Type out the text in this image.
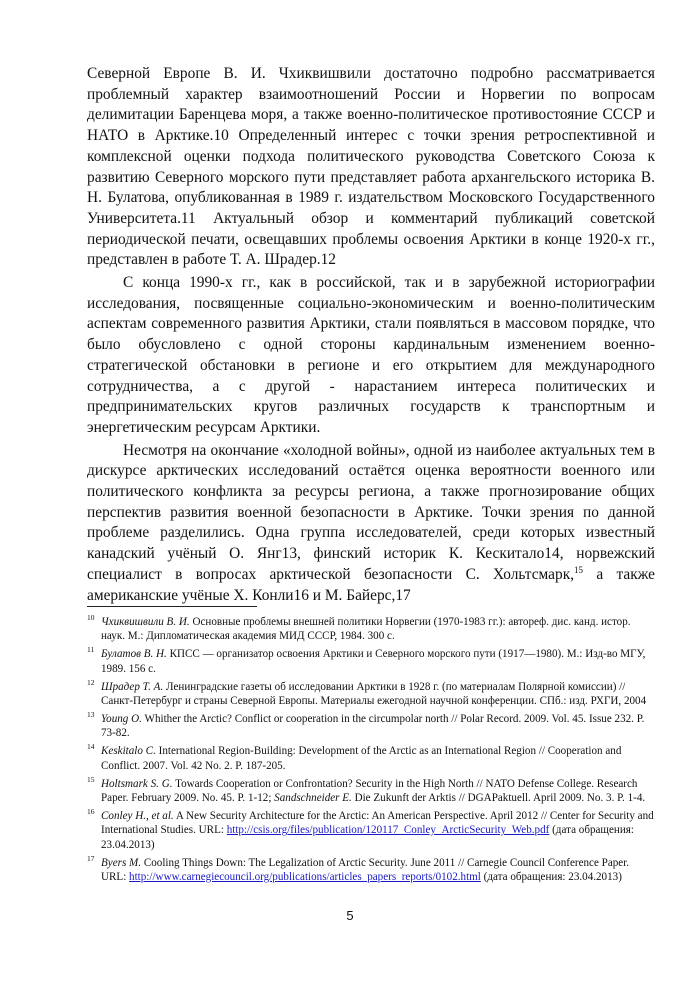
Северной Европе В. И. Чхиквишвили достаточно подробно рассматривается проблемный характер взаимоотношений России и Норвегии по вопросам делимитации Баренцева моря, а также военно-политическое противостояние СССР и НАТО в Арктике.10 Определенный интерес с точки зрения ретроспективной и комплексной оценки подхода политического руководства Советского Союза к развитию Северного морского пути представляет работа архангельского историка В. Н. Булатова, опубликованная в 1989 г. издательством Московского Государственного Университета.11 Актуальный обзор и комментарий публикаций советской периодической печати, освещавших проблемы освоения Арктики в конце 1920-х гг., представлен в работе Т. А. Шрадер.12

С конца 1990-х гг., как в российской, так и в зарубежной историографии исследования, посвященные социально-экономическим и военно-политическим аспектам современного развития Арктики, стали появляться в массовом порядке, что было обусловлено с одной стороны кардинальным изменением военно-стратегической обстановки в регионе и его открытием для международного сотрудничества, а с другой - нарастанием интереса политических и предпринимательских кругов различных государств к транспортным и энергетическим ресурсам Арктики.

Несмотря на окончание «холодной войны», одной из наиболее актуальных тем в дискурсе арктических исследований остаётся оценка вероятности военного или политического конфликта за ресурсы региона, а также прогнозирование общих перспектив развития военной безопасности в Арктике. Точки зрения по данной проблеме разделились. Одна группа исследователей, среди которых известный канадский учёный О. Янг13, финский историк К. Кескитало14, норвежский специалист в вопросах арктической безопасности С. Хольтсмарк,$^{15}$ а также американские учёные Х. Конли16 и М. Байерс,17

10 Чхиквишвили В. И. Основные проблемы внешней политики Норвегии (1970-1983 гг.): автореф. дис. канд. истор. наук. М.: Дипломатическая академия МИД СССР, 1984. 300 с.
11 Булатов В. Н. КПСС — организатор освоения Арктики и Северного морского пути (1917—1980). М.: Изд-во МГУ, 1989. 156 с.
12 Шрадер Т. А. Ленинградские газеты об исследовании Арктики в 1928 г. (по материалам Полярной комиссии) // Санкт-Петербург и страны Северной Европы. Материалы ежегодной научной конференции. СПб.: изд. РХГИ, 2004
13 Young O. Whither the Arctic? Conflict or cooperation in the circumpolar north // Polar Record. 2009. Vol. 45. Issue 232. P. 73-82.
14 Keskitalo C. International Region-Building: Development of the Arctic as an International Region // Cooperation and Conflict. 2007. Vol. 42 No. 2. P. 187-205.
15 Holtsmark S. G. Towards Cooperation or Confrontation? Security in the High North // NATO Defense College. Research Paper. February 2009. No. 45. P. 1-12; Sandschneider E. Die Zukunft der Arktis // DGAPaktuell. April 2009. No. 3. P. 1-4.
16 Conley H., et al. A New Security Architecture for the Arctic: An American Perspective. April 2012 // Center for Security and International Studies. URL: http://csis.org/files/publication/120117_Conley_ArcticSecurity_Web.pdf (дата обращения: 23.04.2013)
17 Byers M. Cooling Things Down: The Legalization of Arctic Security. June 2011 // Carnegie Council Conference Paper. URL: http://www.carnegiecouncil.org/publications/articles_papers_reports/0102.html (дата обращения: 23.04.2013)
5
